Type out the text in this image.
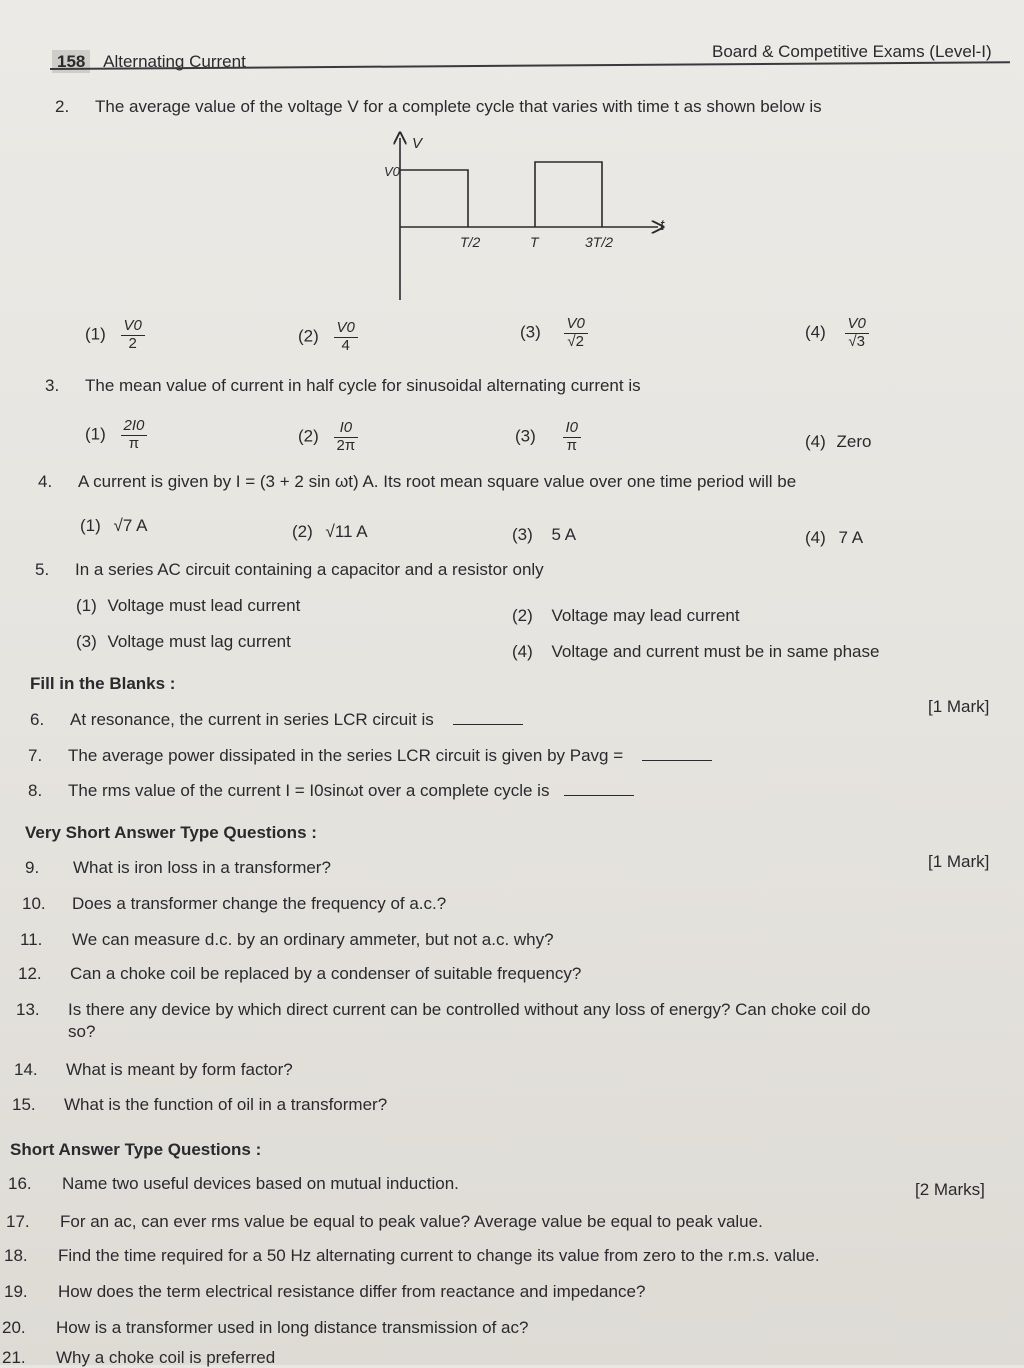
158 Alternating Current
Board & Competitive Exams (Level-I)
2. The average value of the voltage V for a complete cycle that varies with time t as shown below is
V
V0
t
T/2	T	3T/2
$(1) \frac{V0}{2}$	$(2) \frac{V0}{4}$	$(3) \frac{V0}{√2}$	$(4) \frac{V0}{√3}$
3. The mean value of current in half cycle for sinusoidal alternating current is
$(1) \frac{2I0}{\pi}$	$(2) \frac{I0}{2\pi}$	$(3) \frac{I0}{\pi}$	(4) Zero
4. A current is given by I = (3 + 2 sin ωt) A. Its root mean square value over one time period will be
(1) √7 A	(2) √11 A	(3) 5 A	(4) 7 A
5. In a series AC circuit containing a capacitor and a resistor only
(1) Voltage must lead current
(2) Voltage may lead current
(3) Voltage must lag current
(4) Voltage and current must be in same phase
Fill in the Blanks :
[1 Mark]
6. At resonance, the current in series LCR circuit is
7. The average power dissipated in the series LCR circuit is given by Pavg =
8. The rms value of the current I = I0sinωt over a complete cycle is
Very Short Answer Type Questions :
[1 Mark]
9. What is iron loss in a transformer?
10. Does a transformer change the frequency of a.c.?
11. We can measure d.c. by an ordinary ammeter, but not a.c. why?
12. Can a choke coil be replaced by a condenser of suitable frequency?
13. Is there any device by which direct current can be controlled without any loss of energy? Can choke coil do
so?
14. What is meant by form factor?
15. What is the function of oil in a transformer?
Short Answer Type Questions :
[2 Marks]
16. Name two useful devices based on mutual induction.
17. For an ac, can ever rms value be equal to peak value? Average value be equal to peak value.
18. Find the time required for a 50 Hz alternating current to change its value from zero to the r.m.s. value.
19. How does the term electrical resistance differ from reactance and impedance?
20. How is a transformer used in long distance transmission of ac?
21. Why a choke coil is preferred
